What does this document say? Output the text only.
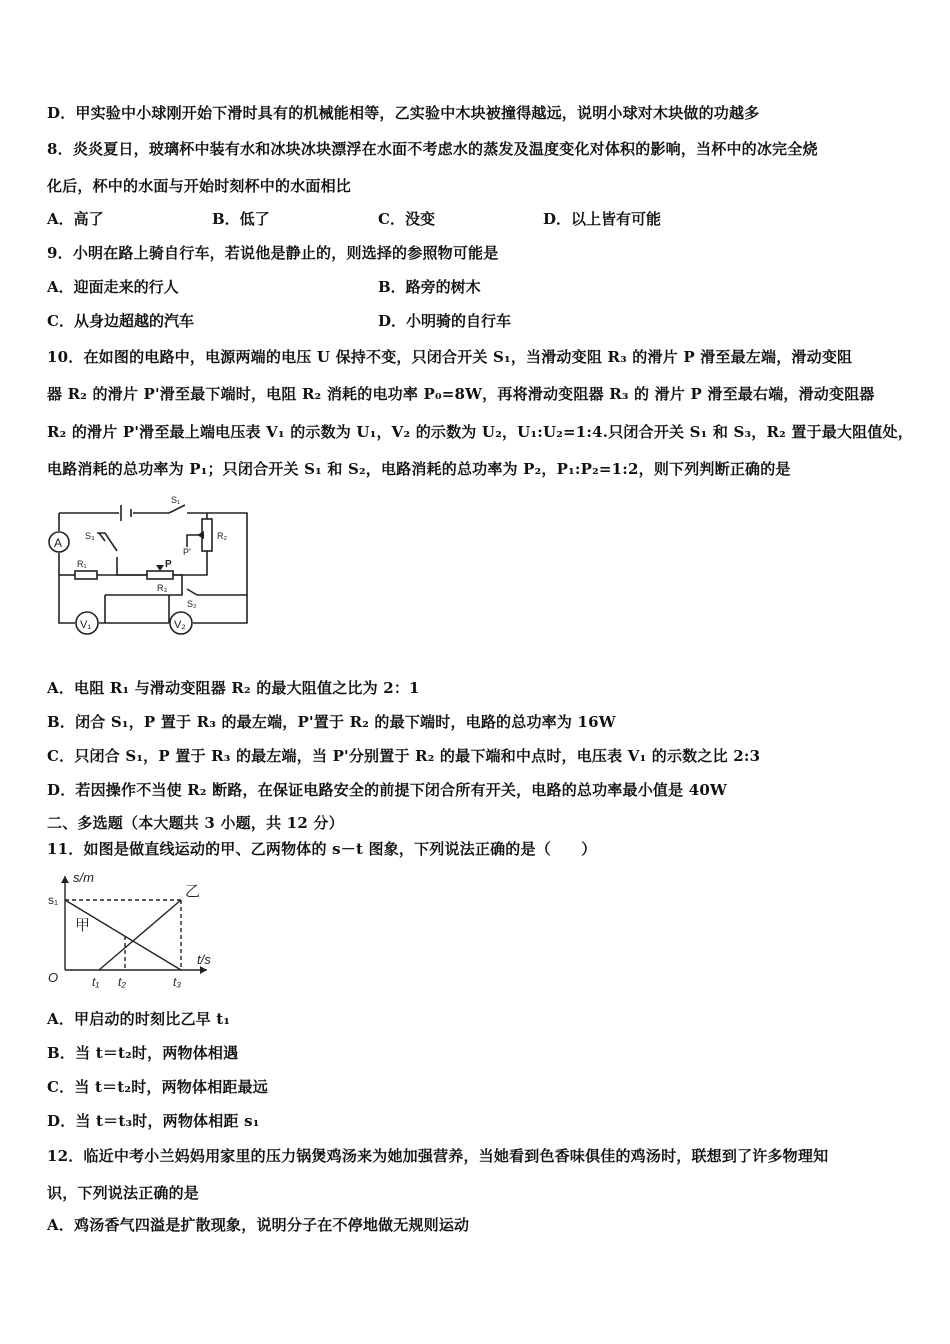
D．甲实验中小球刚开始下滑时具有的机械能相等，乙实验中木块被撞得越远，说明小球对木块做的功越多
8．炎炎夏日，玻璃杯中装有水和冰块冰块漂浮在水面不考虑水的蒸发及温度变化对体积的影响，当杯中的冰完全烧
化后，杯中的水面与开始时刻杯中的水面相比
A．高了	B．低了	C．没变	D．以上皆有可能
9．小明在路上骑自行车，若说他是静止的，则选择的参照物可能是
A．迎面走来的行人	B．路旁的树木
C．从身边超越的汽车	D．小明骑的自行车
10．在如图的电路中，电源两端的电压 U 保持不变，只闭合开关 S₁，当滑动变阻 R₃ 的滑片 P 滑至最左端，滑动变阻
器 R₂ 的滑片 P'滑至最下端时，电阻 R₂ 消耗的电功率 P₀=8W，再将滑动变阻器 R₃ 的 滑片 P 滑至最右端，滑动变阻器
R₂ 的滑片 P'滑至最上端电压表 V₁ 的示数为 U₁，V₂ 的示数为 U₂，U₁:U₂=1:4.只闭合开关 S₁ 和 S₃，R₂ 置于最大阻值处，
电路消耗的总功率为 P₁；只闭合开关 S₁ 和 S₂，电路消耗的总功率为 P₂，P₁:P₂=1:2，则下列判断正确的是
A
V₁	V₂
S₁
S₃	R₂
P'
R₁	P
R₃
S₂
A．电阻 R₁ 与滑动变阻器 R₂ 的最大阻值之比为 2：1
B．闭合 S₁，P 置于 R₃ 的最左端，P'置于 R₂ 的最下端时，电路的总功率为 16W
C．只闭合 S₁，P 置于 R₃ 的最左端，当 P'分别置于 R₂ 的最下端和中点时，电压表 V₁ 的示数之比 2:3
D．若因操作不当使 R₂ 断路，在保证电路安全的前提下闭合所有开关，电路的总功率最小值是 40W
二、多选题（本大题共 3 小题，共 12 分）
11．如图是做直线运动的甲、乙两物体的 s－t 图象，下列说法正确的是（　　）
s/m
t/s
O
s₁
t₁ t₂	t₃
甲
乙
A．甲启动的时刻比乙早 t₁
B．当 t＝t₂时，两物体相遇
C．当 t＝t₂时，两物体相距最远
D．当 t＝t₃时，两物体相距 s₁
12．临近中考小兰妈妈用家里的压力锅煲鸡汤来为她加强营养，当她看到色香味俱佳的鸡汤时，联想到了许多物理知
识，下列说法正确的是
A．鸡汤香气四溢是扩散现象，说明分子在不停地做无规则运动
